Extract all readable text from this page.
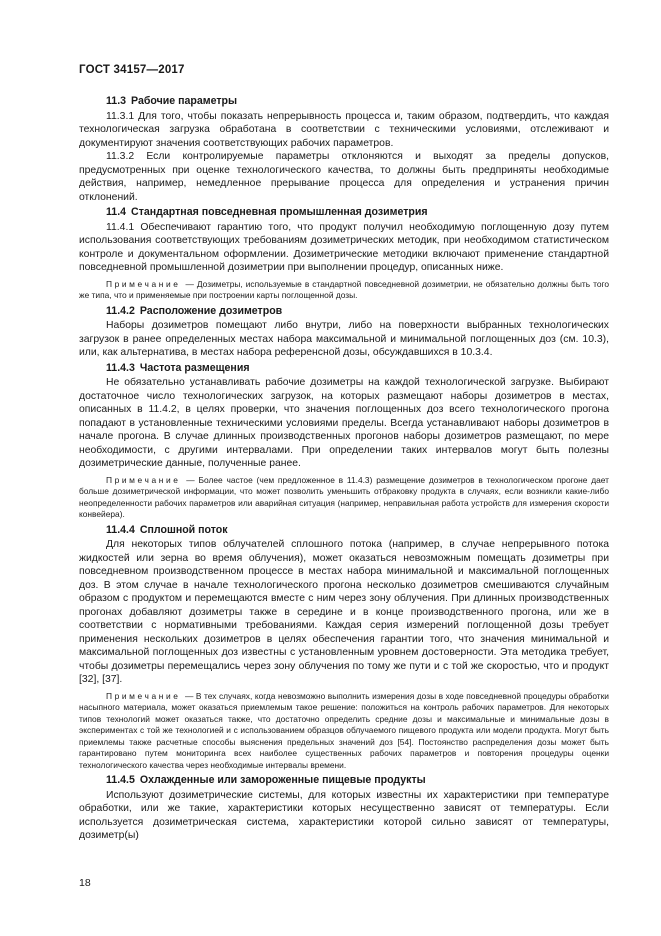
ГОСТ 34157—2017
11.3 Рабочие параметры

11.3.1 Для того, чтобы показать непрерывность процесса и, таким образом, подтвердить, что каждая технологическая загрузка обработана в соответствии с техническими условиями, отслеживают и документируют значения соответствующих рабочих параметров.

11.3.2 Если контролируемые параметры отклоняются и выходят за пределы допусков, предусмотренных при оценке технологического качества, то должны быть предприняты необходимые действия, например, немедленное прерывание процесса для определения и устранения причин отклонений.

11.4 Стандартная повседневная промышленная дозиметрия

11.4.1 Обеспечивают гарантию того, что продукт получил необходимую поглощенную дозу путем использования соответствующих требованиям дозиметрических методик, при необходимом статистическом контроле и документальном оформлении. Дозиметрические методики включают применение стандартной повседневной промышленной дозиметрии при выполнении процедур, описанных ниже.

Примечание — Дозиметры, используемые в стандартной повседневной дозиметрии, не обязательно должны быть того же типа, что и применяемые при построении карты поглощенной дозы.

11.4.2 Расположение дозиметров

Наборы дозиметров помещают либо внутри, либо на поверхности выбранных технологических загрузок в ранее определенных местах набора максимальной и минимальной поглощенных доз (см. 10.3), или, как альтернатива, в местах набора референсной дозы, обсуждавшихся в 10.3.4.

11.4.3 Частота размещения

Не обязательно устанавливать рабочие дозиметры на каждой технологической загрузке. Выбирают достаточное число технологических загрузок, на которых размещают наборы дозиметров в местах, описанных в 11.4.2, в целях проверки, что значения поглощенных доз всего технологического прогона попадают в установленные техническими условиями пределы. Всегда устанавливают наборы дозиметров в начале прогона. В случае длинных производственных прогонов наборы дозиметров размещают, по мере необходимости, с другими интервалами. При определении таких интервалов могут быть полезны дозиметрические данные, полученные ранее.

Примечание — Более частое (чем предложенное в 11.4.3) размещение дозиметров в технологическом прогоне дает больше дозиметрической информации, что может позволить уменьшить отбраковку продукта в случаях, если возникли какие-либо неопределенности рабочих параметров или аварийная ситуация (например, неправильная работа устройств для измерения скорости конвейера).

11.4.4 Сплошной поток

Для некоторых типов облучателей сплошного потока (например, в случае непрерывного потока жидкостей или зерна во время облучения), может оказаться невозможным помещать дозиметры при повседневном производственном процессе в местах набора минимальной и максимальной поглощенных доз. В этом случае в начале технологического прогона несколько дозиметров смешиваются случайным образом с продуктом и перемещаются вместе с ним через зону облучения. При длинных производственных прогонах добавляют дозиметры также в середине и в конце производственного прогона, или же в соответствии с нормативными требованиями. Каждая серия измерений поглощенной дозы требует применения нескольких дозиметров в целях обеспечения гарантии того, что значения минимальной и максимальной поглощенных доз известны с установленным уровнем достоверности. Эта методика требует, чтобы дозиметры перемещались через зону облучения по тому же пути и с той же скоростью, что и продукт [32], [37].

Примечание — В тех случаях, когда невозможно выполнить измерения дозы в ходе повседневной процедуры обработки насыпного материала, может оказаться приемлемым такое решение: положиться на контроль рабочих параметров. Для некоторых типов технологий может оказаться также, что достаточно определить средние дозы и максимальные и минимальные дозы в экспериментах с той же технологией и с использованием образцов облучаемого пищевого продукта или модели продукта. Могут быть приемлемы также расчетные способы выяснения предельных значений доз [54]. Постоянство распределения дозы может быть гарантировано путем мониторинга всех наиболее существенных рабочих параметров и повторения процедуры оценки технологического качества через необходимые интервалы времени.

11.4.5 Охлажденные или замороженные пищевые продукты

Используют дозиметрические системы, для которых известны их характеристики при температуре обработки, или же такие, характеристики которых несущественно зависят от температуры. Если используется дозиметрическая система, характеристики которой сильно зависят от температуры, дозиметр(ы)

18
